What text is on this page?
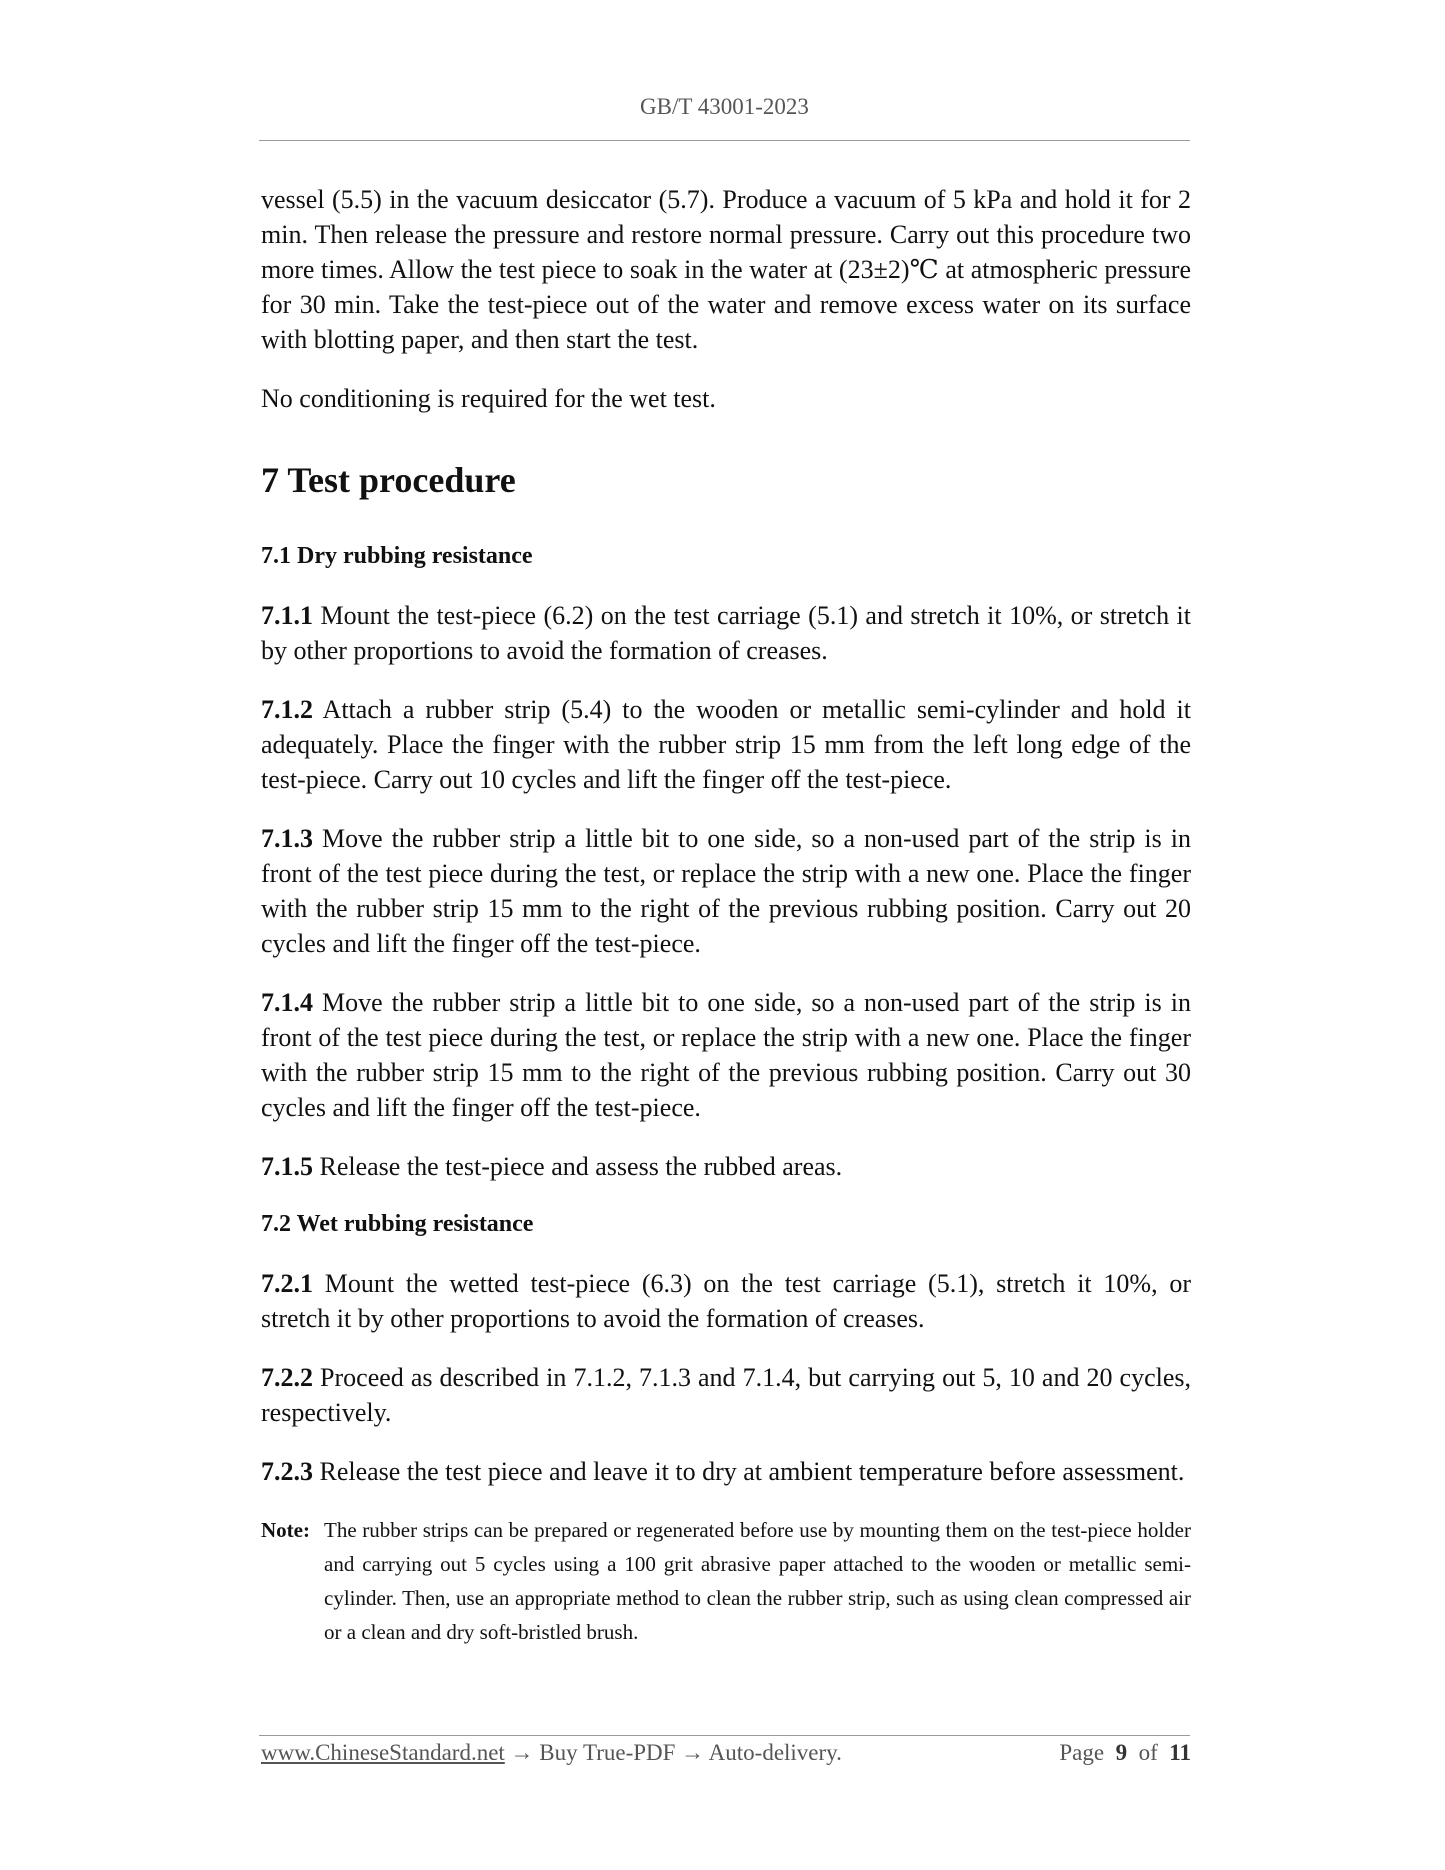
GB/T 43001-2023

vessel (5.5) in the vacuum desiccator (5.7). Produce a vacuum of 5 kPa and hold it for 2 min. Then release the pressure and restore normal pressure. Carry out this procedure two more times. Allow the test piece to soak in the water at (23±2)℃ at atmospheric pressure for 30 min. Take the test-piece out of the water and remove excess water on its surface with blotting paper, and then start the test.

No conditioning is required for the wet test.

7 Test procedure
7.1 Dry rubbing resistance

7.1.1 Mount the test-piece (6.2) on the test carriage (5.1) and stretch it 10%, or stretch it by other proportions to avoid the formation of creases.

7.1.2 Attach a rubber strip (5.4) to the wooden or metallic semi-cylinder and hold it adequately. Place the finger with the rubber strip 15 mm from the left long edge of the test-piece. Carry out 10 cycles and lift the finger off the test-piece.

7.1.3 Move the rubber strip a little bit to one side, so a non-used part of the strip is in front of the test piece during the test, or replace the strip with a new one. Place the finger with the rubber strip 15 mm to the right of the previous rubbing position. Carry out 20 cycles and lift the finger off the test-piece.

7.1.4 Move the rubber strip a little bit to one side, so a non-used part of the strip is in front of the test piece during the test, or replace the strip with a new one. Place the finger with the rubber strip 15 mm to the right of the previous rubbing position. Carry out 30 cycles and lift the finger off the test-piece.

7.1.5 Release the test-piece and assess the rubbed areas.

7.2 Wet rubbing resistance

7.2.1 Mount the wetted test-piece (6.3) on the test carriage (5.1), stretch it 10%, or stretch it by other proportions to avoid the formation of creases.

7.2.2 Proceed as described in 7.1.2, 7.1.3 and 7.1.4, but carrying out 5, 10 and 20 cycles, respectively.

7.2.3 Release the test piece and leave it to dry at ambient temperature before assessment.

Note: The rubber strips can be prepared or regenerated before use by mounting them on the test-piece holder and carrying out 5 cycles using a 100 grit abrasive paper attached to the wooden or metallic semi-cylinder. Then, use an appropriate method to clean the rubber strip, such as using clean compressed air or a clean and dry soft-bristled brush.
www.ChineseStandard.net → Buy True-PDF → Auto-delivery.	Page 9 of 11
